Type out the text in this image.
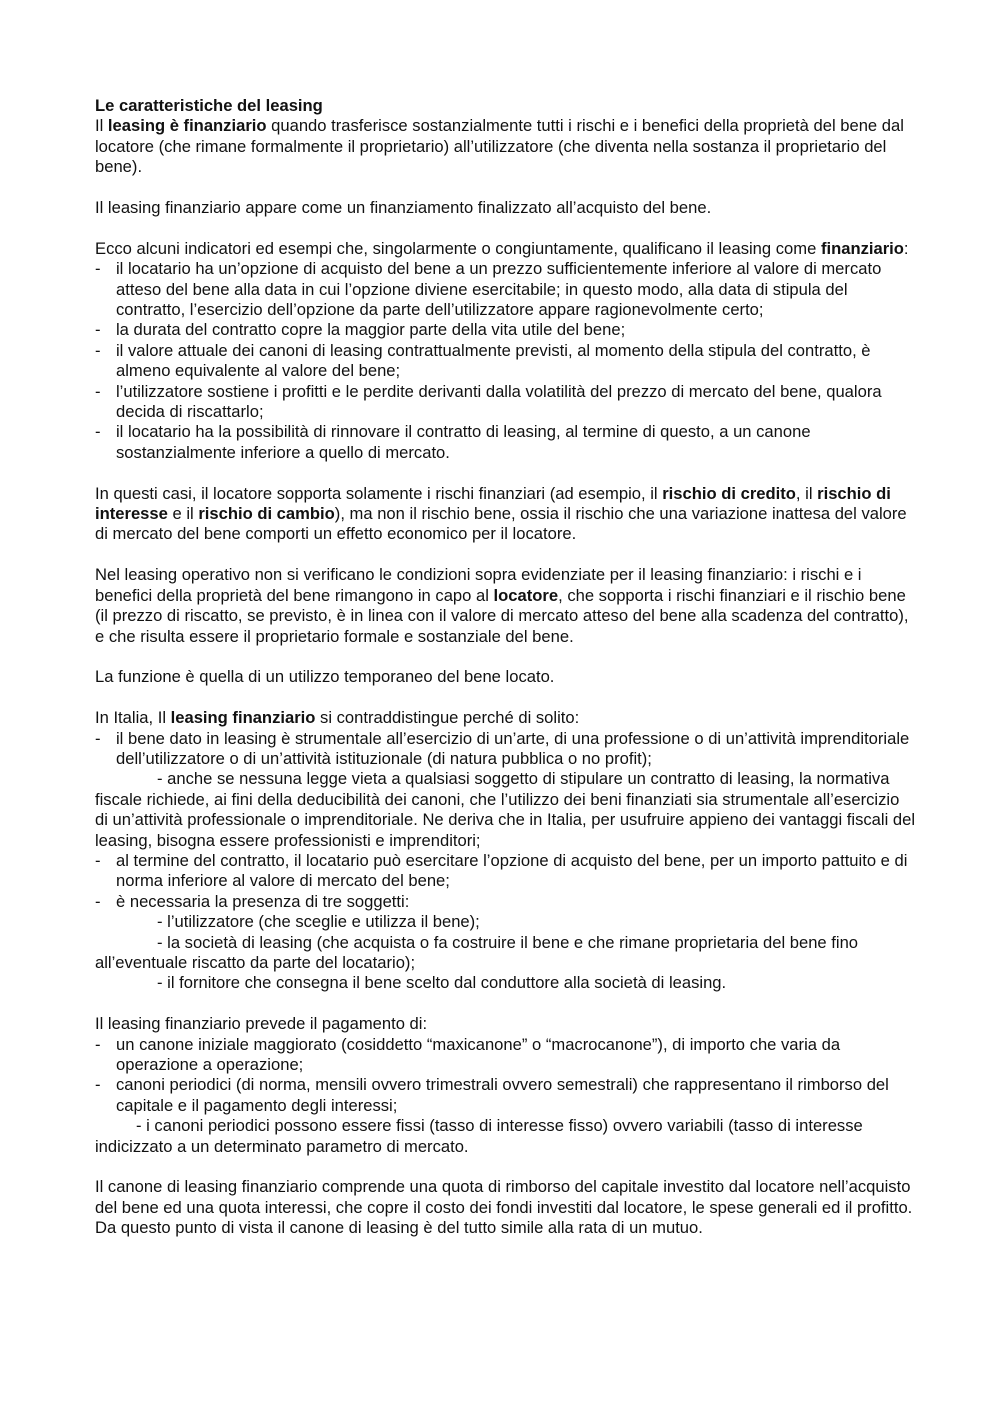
Le caratteristiche del leasing

Il leasing è finanziario quando trasferisce sostanzialmente tutti i rischi e i benefici della proprietà del bene dal locatore (che rimane formalmente il proprietario) all’utilizzatore (che diventa nella sostanza il proprietario del bene).

Il leasing finanziario appare come un finanziamento finalizzato all’acquisto del bene.

Ecco alcuni indicatori ed esempi che, singolarmente o congiuntamente, qualificano il leasing come finanziario:

- il locatario ha un’opzione di acquisto del bene a un prezzo sufficientemente inferiore al valore di mercato atteso del bene alla data in cui l’opzione diviene esercitabile; in questo modo, alla data di stipula del contratto, l’esercizio dell’opzione da parte dell’utilizzatore appare ragionevolmente certo;
- la durata del contratto copre la maggior parte della vita utile del bene;
- il valore attuale dei canoni di leasing contrattualmente previsti, al momento della stipula del contratto, è almeno equivalente al valore del bene;
- l’utilizzatore sostiene i profitti e le perdite derivanti dalla volatilità del prezzo di mercato del bene, qualora decida di riscattarlo;
- il locatario ha la possibilità di rinnovare il contratto di leasing, al termine di questo, a un canone sostanzialmente inferiore a quello di mercato.

In questi casi, il locatore sopporta solamente i rischi finanziari (ad esempio, il rischio di credito, il rischio di interesse e il rischio di cambio), ma non il rischio bene, ossia il rischio che una variazione inattesa del valore di mercato del bene comporti un effetto economico per il locatore.

Nel leasing operativo non si verificano le condizioni sopra evidenziate per il leasing finanziario: i rischi e i benefici della proprietà del bene rimangono in capo al locatore, che sopporta i rischi finanziari e il rischio bene (il prezzo di riscatto, se previsto, è in linea con il valore di mercato atteso del bene alla scadenza del contratto), e che risulta essere il proprietario formale e sostanziale del bene.

La funzione è quella di un utilizzo temporaneo del bene locato.

In Italia, Il leasing finanziario si contraddistingue perché di solito:

- il bene dato in leasing è strumentale all’esercizio di un’arte, di una professione o di un’attività imprenditoriale dell’utilizzatore o di un’attività istituzionale (di natura pubblica o no profit);
- anche se nessuna legge vieta a qualsiasi soggetto di stipulare un contratto di leasing, la normativa fiscale richiede, ai fini della deducibilità dei canoni, che l’utilizzo dei beni finanziati sia strumentale all’esercizio di un’attività professionale o imprenditoriale. Ne deriva che in Italia, per usufruire appieno dei vantaggi fiscali del leasing, bisogna essere professionisti e imprenditori;
- al termine del contratto, il locatario può esercitare l’opzione di acquisto del bene, per un importo pattuito e di norma inferiore al valore di mercato del bene;
- è necessaria la presenza di tre soggetti:
- l’utilizzatore (che sceglie e utilizza il bene);
- la società di leasing (che acquista o fa costruire il bene e che rimane proprietaria del bene fino all’eventuale riscatto da parte del locatario);
- il fornitore che consegna il bene scelto dal conduttore alla società di leasing.

Il leasing finanziario prevede il pagamento di:

- un canone iniziale maggiorato (cosiddetto “maxicanone” o “macrocanone”), di importo che varia da operazione a operazione;
- canoni periodici (di norma, mensili ovvero trimestrali ovvero semestrali) che rappresentano il rimborso del capitale e il pagamento degli interessi;
- i canoni periodici possono essere fissi (tasso di interesse fisso) ovvero variabili (tasso di interesse indicizzato a un determinato parametro di mercato.

Il canone di leasing finanziario comprende una quota di rimborso del capitale investito dal locatore nell’acquisto del bene ed una quota interessi, che copre il costo dei fondi investiti dal locatore, le spese generali ed il profitto. Da questo punto di vista il canone di leasing è del tutto simile alla rata di un mutuo.
